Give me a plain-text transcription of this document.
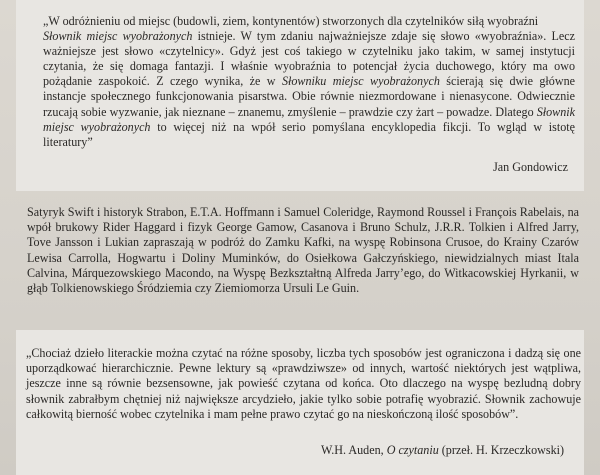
„W odróżnieniu od miejsc (budowli, ziem, kontynentów) stworzonych dla czytelników siłą wyobraźni
Słownik miejsc wyobrażonych istnieje. W tym zdaniu najważniejsze zdaje się słowo «wyobraźnia». Lecz ważniejsze jest słowo «czytelnicy». Gdyż jest coś takiego w czytelniku jako takim, w samej instytucji czytania, że się domaga fantazji. I właśnie wyobraźnia to potencjał życia duchowego, który ma owo pożądanie zaspokoić. Z czego wynika, że w Słowniku miejsc wyobrażonych ścierają się dwie główne instancje społecznego funkcjonowania pisarstwa. Obie równie niezmordowane i nienasycone. Odwiecznie rzucają sobie wyzwanie, jak nieznane – znanemu, zmyślenie – prawdzie czy żart – powadze. Dlatego Słownik miejsc wyobrażonych to więcej niż na wpół serio pomyślana encyklopedia fikcji. To wgląd w istotę literatury”

Jan Gondowicz

Satyryk Swift i historyk Strabon, E.T.A. Hoffmann i Samuel Coleridge, Raymond Roussel i François Rabelais, na wpół brukowy Rider Haggard i fizyk George Gamow, Casanova i Bruno Schulz, J.R.R. Tolkien i Alfred Jarry, Tove Jansson i Lukian zapraszają w podróż do Zamku Kafki, na wyspę Robinsona Crusoe, do Krainy Czarów Lewisa Carrolla, Hogwartu i Doliny Muminków, do Osiełkowa Gałczyńskiego, niewidzialnych miast Itala Calvina, Márquezowskiego Macondo, na Wyspę Bezkształtną Alfreda Jarry’ego, do Witkacowskiej Hyrkanii, w głąb Tolkienowskiego Śródziemia czy Ziemiomorza Ursuli Le Guin.

„Chociaż dzieło literackie można czytać na różne sposoby, liczba tych sposobów jest ograniczona i dadzą się one uporządkować hierarchicznie. Pewne lektury są «prawdziwsze» od innych, wartość niektórych jest wątpliwa, jeszcze inne są równie bezsensowne, jak powieść czytana od końca. Oto dlaczego na wyspę bezludną dobry słownik zabrałbym chętniej niż największe arcydzieło, jakie tylko sobie potrafię wyobrazić. Słownik zachowuje całkowitą bierność wobec czytelnika i mam pełne prawo czytać go na nieskończoną ilość sposobów”.

W.H. Auden, O czytaniu (przeł. H. Krzeczkowski)
